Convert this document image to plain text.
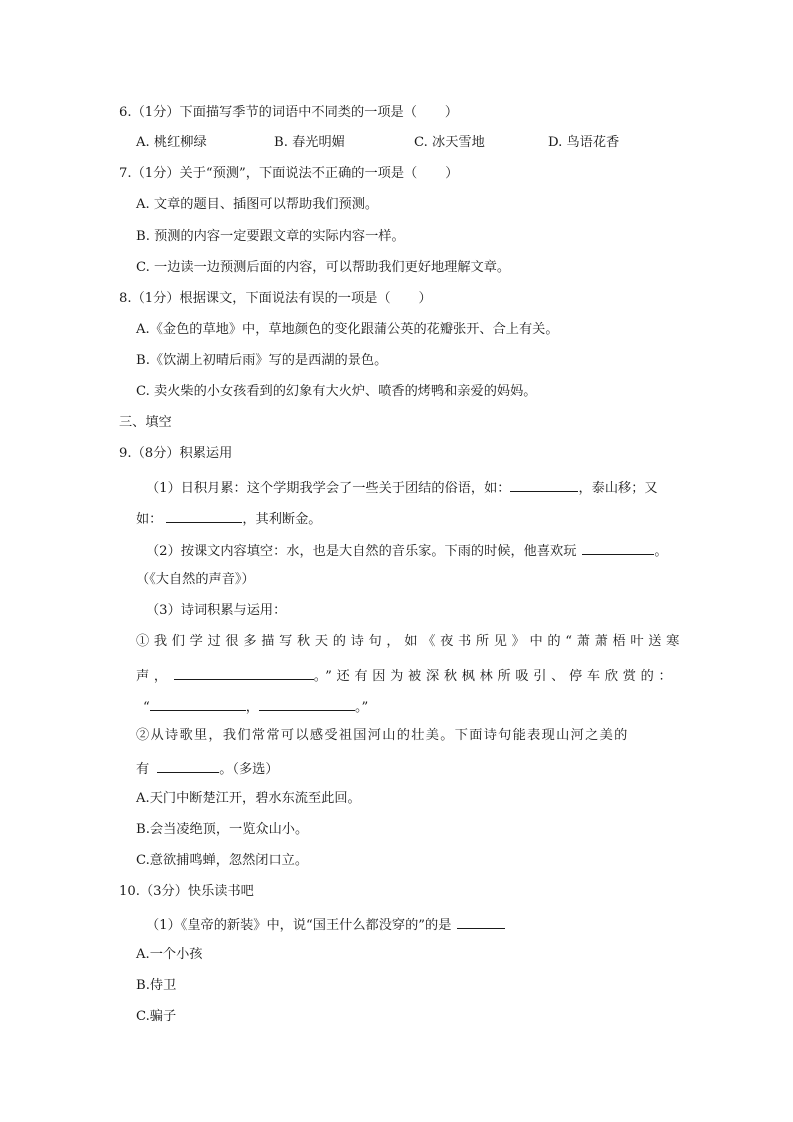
6.（1分）下面描写季节的词语中不同类的一项是（ ）
A. 桃红柳绿	B. 春光明媚	C. 冰天雪地	D. 鸟语花香
7.（1分）关于“预测”，下面说法不正确的一项是（ ）
A. 文章的题目、插图可以帮助我们预测。
B. 预测的内容一定要跟文章的实际内容一样。
C. 一边读一边预测后面的内容，可以帮助我们更好地理解文章。
8.（1分）根据课文，下面说法有误的一项是（ ）
A.《金色的草地》中，草地颜色的变化跟蒲公英的花瓣张开、合上有关。
B.《饮湖上初晴后雨》写的是西湖的景色。
C. 卖火柴的小女孩看到的幻象有大火炉、喷香的烤鸭和亲爱的妈妈。
三、填空
9.（8分）积累运用
（1）日积月累：这个学期我学会了一些关于团结的俗语，如：	，泰山移；又
如：	，其利断金。
（2）按课文内容填空：水，也是大自然的音乐家。下雨的时候，他喜欢玩	。
（《大自然的声音》）
（3）诗词积累与运用：
①我们学过很多描写秋天的诗句，如《夜书所见》中的“萧萧梧叶送寒
声，	。”还有因为被深秋枫林所吸引、停车欣赏的：
“	，	。”
②从诗歌里，我们常常可以感受祖国河山的壮美。下面诗句能表现山河之美的
有	。（多选）
A.天门中断楚江开，碧水东流至此回。
B.会当凌绝顶，一览众山小。
C.意欲捕鸣蝉，忽然闭口立。
10.（3分）快乐读书吧
（1）《皇帝的新装》中，说“国王什么都没穿的”的是
A.一个小孩
B.侍卫
C.骗子
